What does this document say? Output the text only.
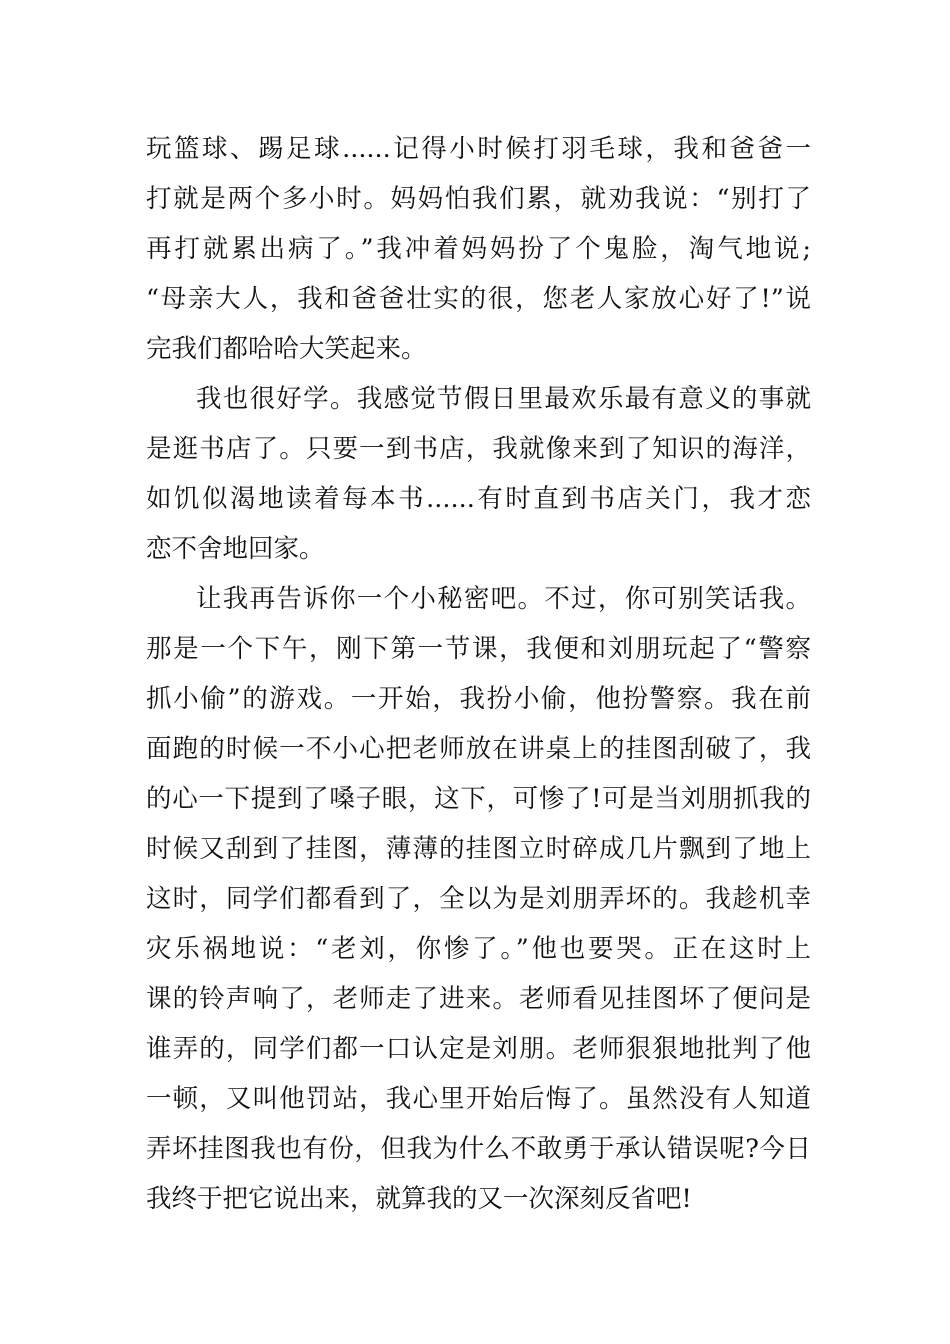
玩篮球、踢足球......记得小时候打羽毛球，我和爸爸一
打就是两个多小时。妈妈怕我们累，就劝我说：“别打了
再打就累出病了。”我冲着妈妈扮了个鬼脸，淘气地说;
“母亲大人，我和爸爸壮实的很，您老人家放心好了!”说
完我们都哈哈大笑起来。
我也很好学。我感觉节假日里最欢乐最有意义的事就
是逛书店了。只要一到书店，我就像来到了知识的海洋，
如饥似渴地读着每本书......有时直到书店关门，我才恋
恋不舍地回家。
让我再告诉你一个小秘密吧。不过，你可别笑话我。
那是一个下午，刚下第一节课，我便和刘朋玩起了“警察
抓小偷”的游戏。一开始，我扮小偷，他扮警察。我在前
面跑的时候一不小心把老师放在讲桌上的挂图刮破了，我
的心一下提到了嗓子眼，这下，可惨了!可是当刘朋抓我的
时候又刮到了挂图，薄薄的挂图立时碎成几片飘到了地上
这时，同学们都看到了，全以为是刘朋弄坏的。我趁机幸
灾乐祸地说：“老刘，你惨了。”他也要哭。正在这时上
课的铃声响了，老师走了进来。老师看见挂图坏了便问是
谁弄的，同学们都一口认定是刘朋。老师狠狠地批判了他
一顿，又叫他罚站，我心里开始后悔了。虽然没有人知道
弄坏挂图我也有份，但我为什么不敢勇于承认错误呢?今日
我终于把它说出来，就算我的又一次深刻反省吧!
